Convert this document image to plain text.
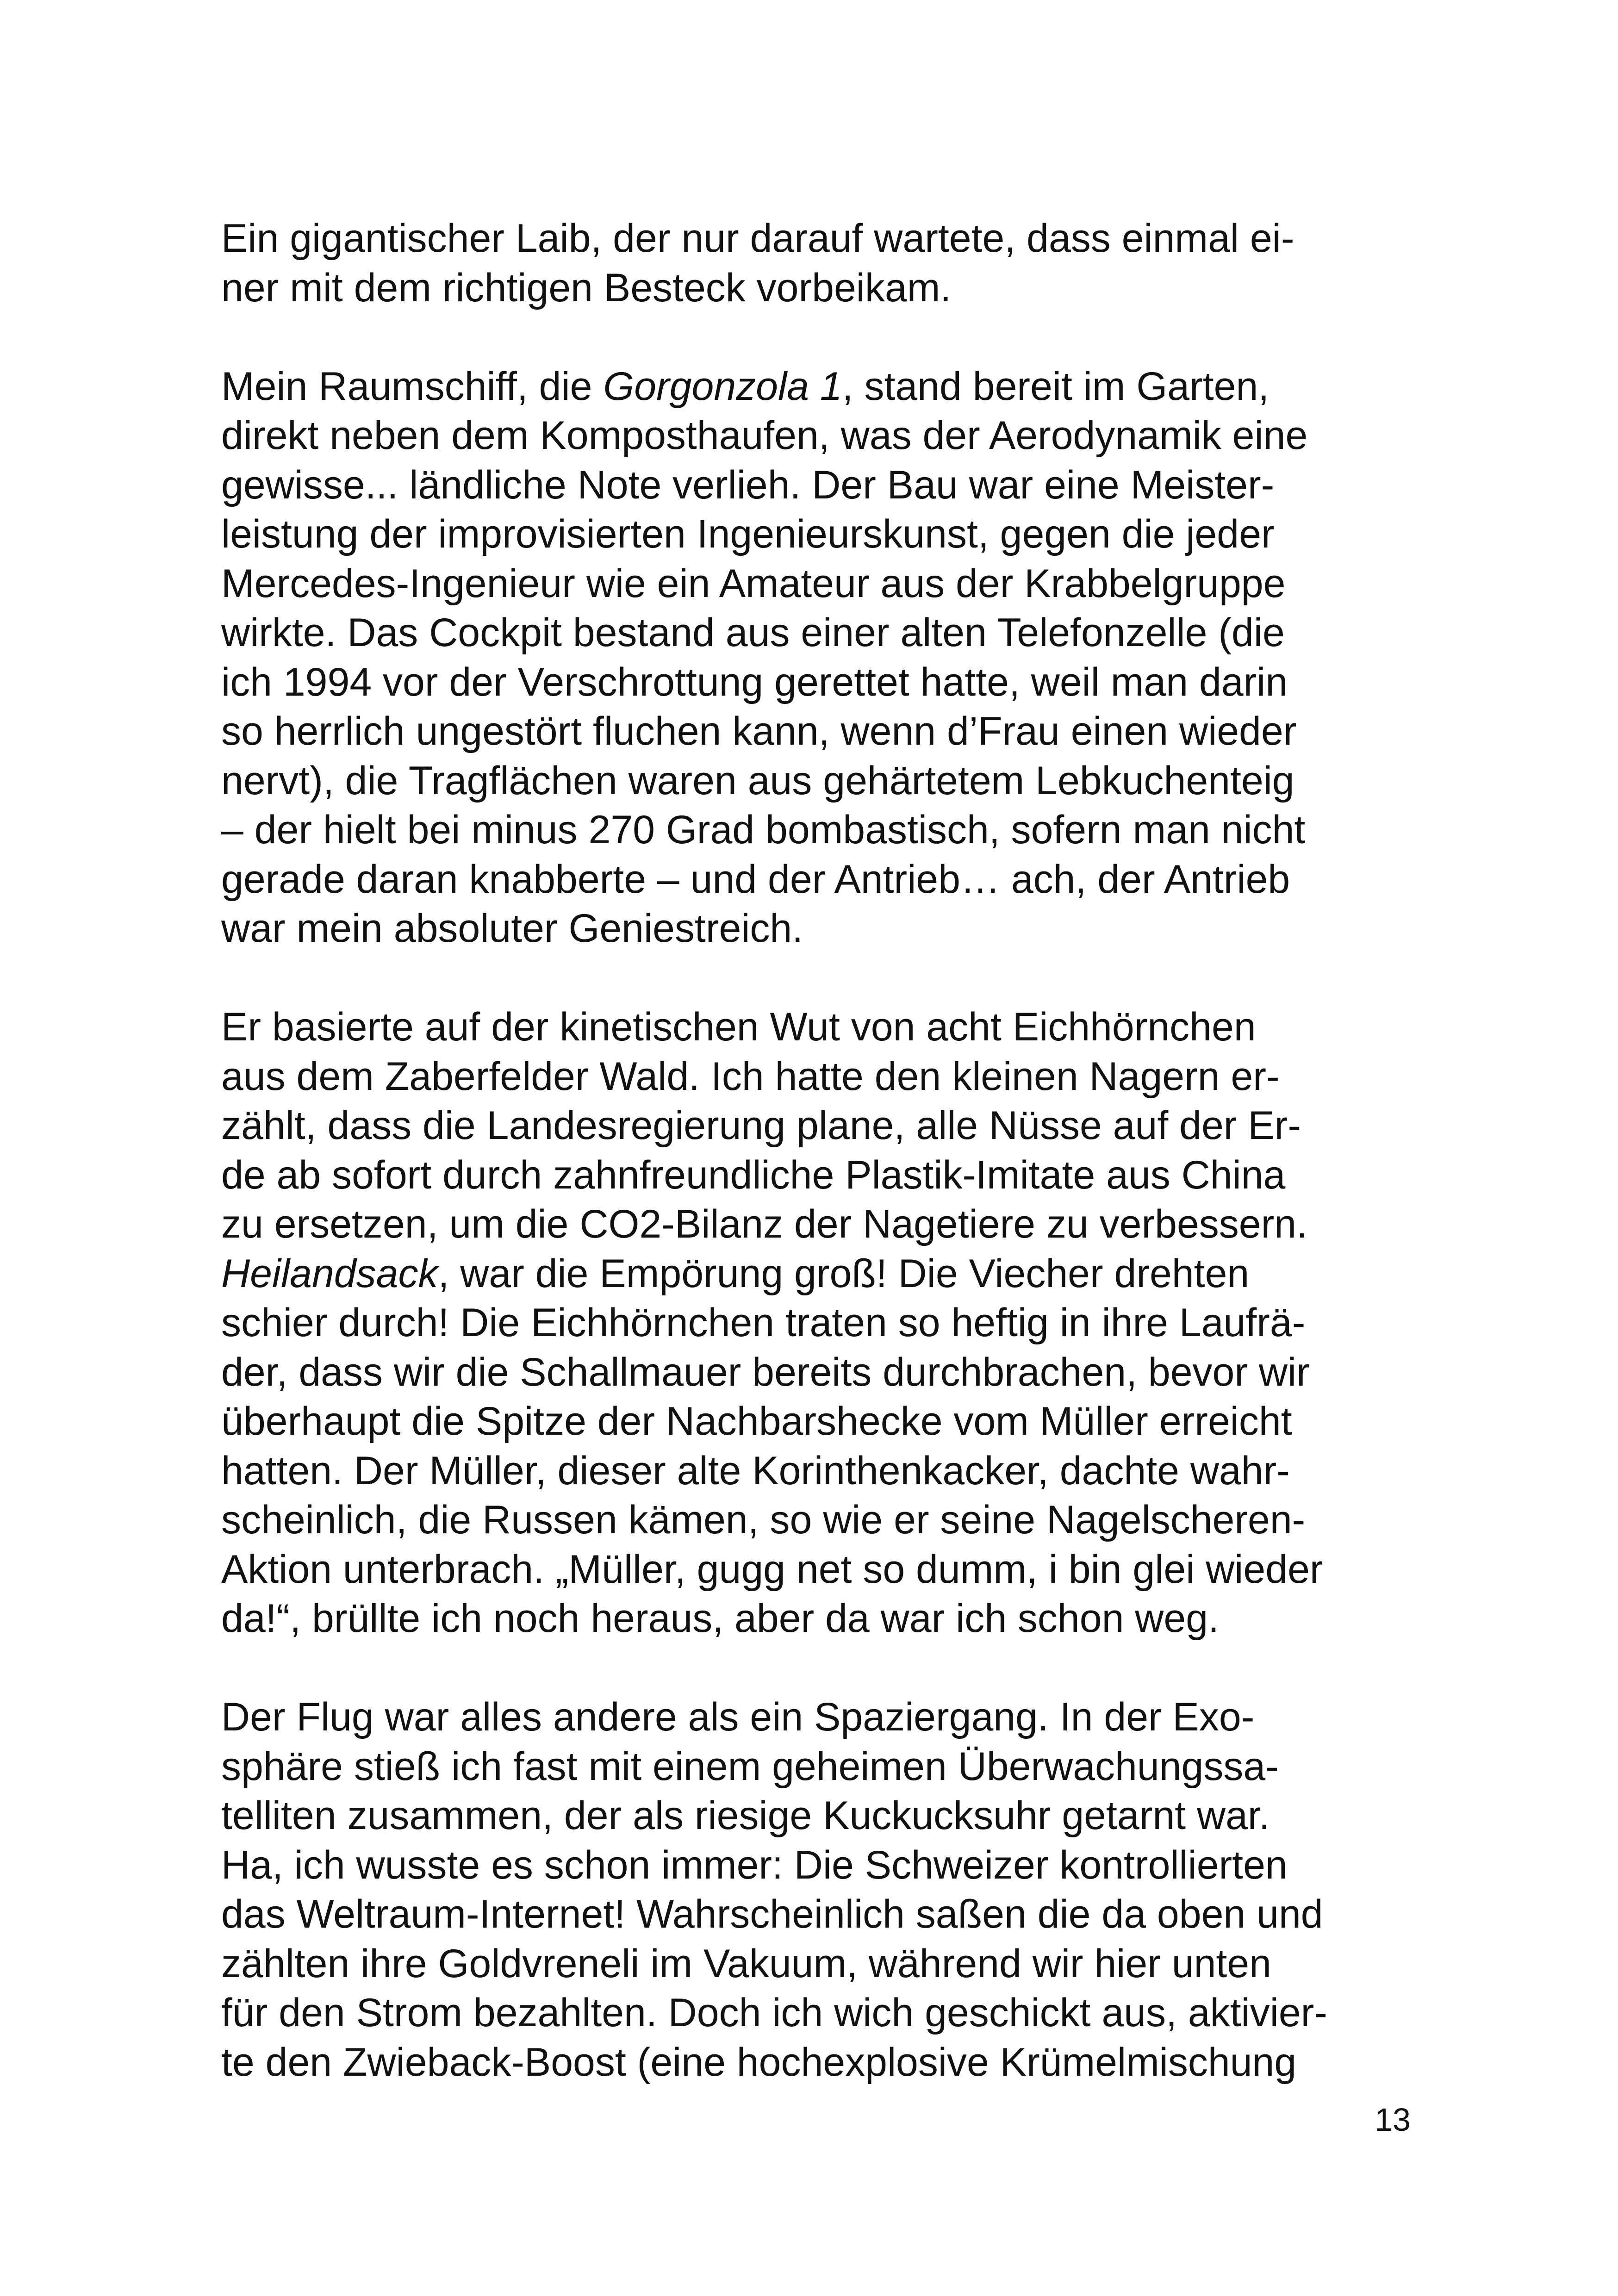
Ein gigantischer Laib, der nur darauf wartete, dass einmal ei-
ner mit dem richtigen Besteck vorbeikam.

Mein Raumschiff, die Gorgonzola 1, stand bereit im Garten,
direkt neben dem Komposthaufen, was der Aerodynamik eine
gewisse... ländliche Note verlieh. Der Bau war eine Meister-
leistung der improvisierten Ingenieurskunst, gegen die jeder
Mercedes-Ingenieur wie ein Amateur aus der Krabbelgruppe
wirkte. Das Cockpit bestand aus einer alten Telefonzelle (die
ich 1994 vor der Verschrottung gerettet hatte, weil man darin
so herrlich ungestört fluchen kann, wenn d’Frau einen wieder
nervt), die Tragflächen waren aus gehärtetem Lebkuchenteig
– der hielt bei minus 270 Grad bombastisch, sofern man nicht
gerade daran knabberte – und der Antrieb… ach, der Antrieb
war mein absoluter Geniestreich.

Er basierte auf der kinetischen Wut von acht Eichhörnchen
aus dem Zaberfelder Wald. Ich hatte den kleinen Nagern er-
zählt, dass die Landesregierung plane, alle Nüsse auf der Er-
de ab sofort durch zahnfreundliche Plastik-Imitate aus China
zu ersetzen, um die CO2-Bilanz der Nagetiere zu verbessern.
Heilandsack, war die Empörung groß! Die Viecher drehten
schier durch! Die Eichhörnchen traten so heftig in ihre Laufrä-
der, dass wir die Schallmauer bereits durchbrachen, bevor wir
überhaupt die Spitze der Nachbarshecke vom Müller erreicht
hatten. Der Müller, dieser alte Korinthenkacker, dachte wahr-
scheinlich, die Russen kämen, so wie er seine Nagelscheren-
Aktion unterbrach. „Müller, gugg net so dumm, i bin glei wieder
da!“, brüllte ich noch heraus, aber da war ich schon weg.

Der Flug war alles andere als ein Spaziergang. In der Exo-
sphäre stieß ich fast mit einem geheimen Überwachungssa-
telliten zusammen, der als riesige Kuckucksuhr getarnt war.
Ha, ich wusste es schon immer: Die Schweizer kontrollierten
das Weltraum-Internet! Wahrscheinlich saßen die da oben und
zählten ihre Goldvreneli im Vakuum, während wir hier unten
für den Strom bezahlten. Doch ich wich geschickt aus, aktivier-
te den Zwieback-Boost (eine hochexplosive Krümelmischung

13
